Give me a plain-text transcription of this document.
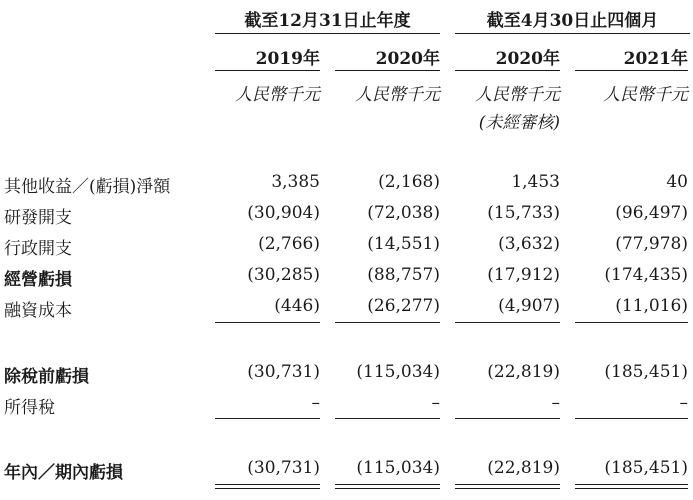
截至12月31日止年度	截至4月30日止四個月
2019年	2020年	2020年	2021年
人民幣千元	人民幣千元	人民幣千元	人民幣千元
(未經審核)
其他收益／(虧損)淨額	3,385	(2,168)	1,453	40
研發開支	(30,904)	(72,038)	(15,733)	(96,497)
行政開支	(2,766)	(14,551)	(3,632)	(77,978)
經營虧損	(30,285)	(88,757)	(17,912)	(174,435)
融資成本	(446)	(26,277)	(4,907)	(11,016)
除稅前虧損	(30,731)	(115,034)	(22,819)	(185,451)
所得稅	–	–	–	–
年內／期內虧損	(30,731)	(115,034)	(22,819)	(185,451)
